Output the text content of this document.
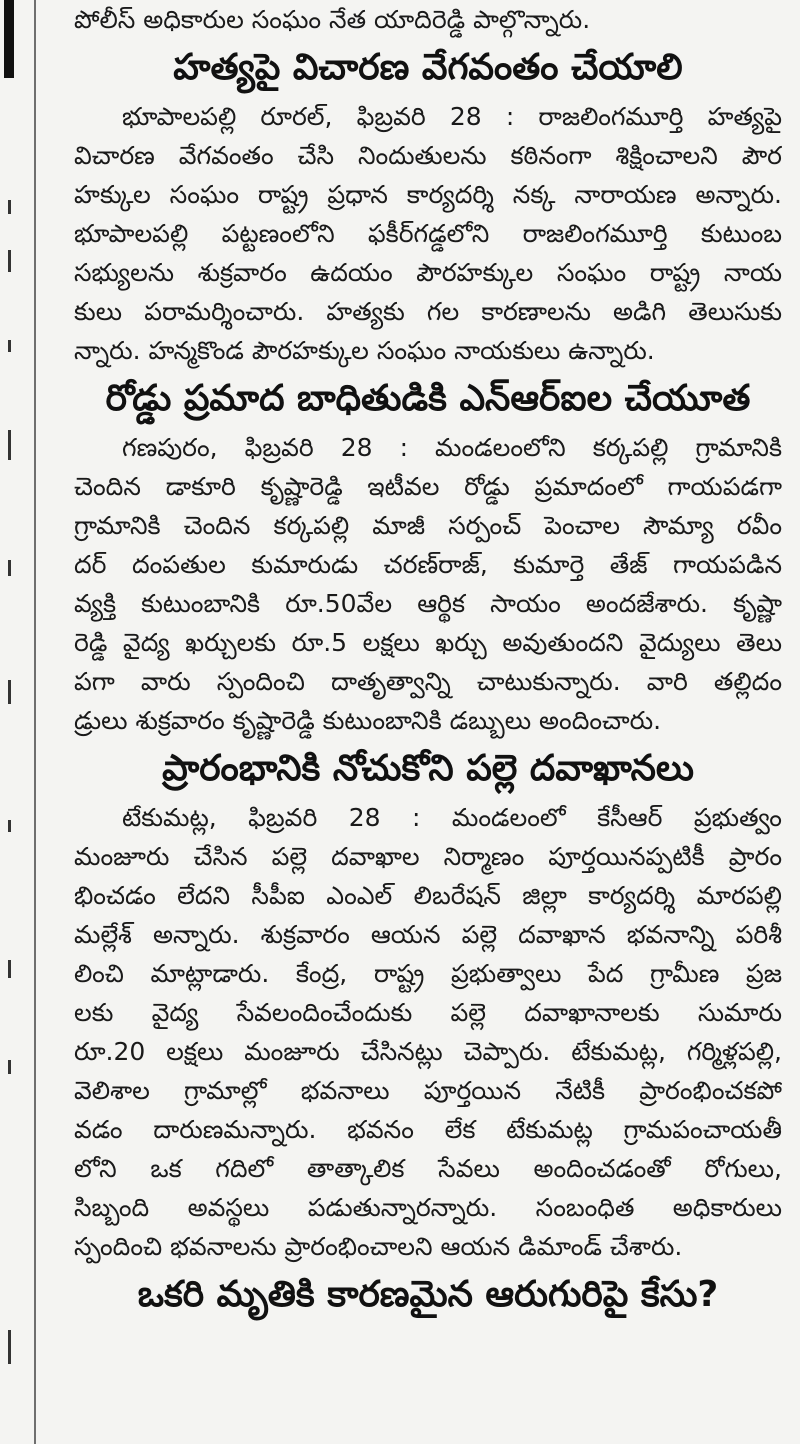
పోలీస్ అధికారుల సంఘం నేత యాదిరెడ్డి పాల్గొన్నారు.
హత్యపై విచారణ వేగవంతం చేయాలి
భూపాలపల్లి రూరల్, ఫిబ్రవరి 28 : రాజలింగమూర్తి హత్యపై
విచారణ వేగవంతం చేసి నిందుతులను కఠినంగా శిక్షించాలని పౌర
హక్కుల సంఘం రాష్ట్ర ప్రధాన కార్యదర్శి నక్క నారాయణ అన్నారు.
భూపాలపల్లి పట్టణంలోని ఫకీర్‌గడ్డలోని రాజలింగమూర్తి కుటుంబ
సభ్యులను శుక్రవారం ఉదయం పౌరహక్కుల సంఘం రాష్ట్ర నాయ
కులు పరామర్శించారు. హత్యకు గల కారణాలను అడిగి తెలుసుకు
న్నారు. హన్మకొండ పౌరహక్కుల సంఘం నాయకులు ఉన్నారు.
రోడ్డు ప్రమాద బాధితుడికి ఎన్ఆర్ఐల చేయూత
గణపురం, ఫిబ్రవరి 28 : మండలంలోని కర్కపల్లి గ్రామానికి
చెందిన డాకూరి కృష్ణారెడ్డి ఇటీవల రోడ్డు ప్రమాదంలో గాయపడగా
గ్రామానికి చెందిన కర్కపల్లి మాజీ సర్పంచ్ పెంచాల సౌమ్యా రవీం
దర్ దంపతుల కుమారుడు చరణ్‌రాజ్, కుమార్తె తేజ్ గాయపడిన
వ్యక్తి కుటుంబానికి రూ.50వేల ఆర్థిక సాయం అందజేశారు. కృష్ణా
రెడ్డి వైద్య ఖర్చులకు రూ.5 లక్షలు ఖర్చు అవుతుందని వైద్యులు తెలు
పగా వారు స్పందించి దాతృత్వాన్ని చాటుకున్నారు. వారి తల్లిదం
డ్రులు శుక్రవారం కృష్ణారెడ్డి కుటుంబానికి డబ్బులు అందించారు.
ప్రారంభానికి నోచుకోని పల్లె దవాఖానలు
టేకుమట్ల, ఫిబ్రవరి 28 : మండలంలో కేసీఆర్ ప్రభుత్వం
మంజూరు చేసిన పల్లె దవాఖాల నిర్మాణం పూర్తయినప్పటికీ ప్రారం
భించడం లేదని సీపీఐ ఎంఎల్ లిబరేషన్ జిల్లా కార్యదర్శి మారపల్లి
మల్లేశ్ అన్నారు. శుక్రవారం ఆయన పల్లె దవాఖాన భవనాన్ని పరిశీ
లించి మాట్లాడారు. కేంద్ర, రాష్ట్ర ప్రభుత్వాలు పేద గ్రామీణ ప్రజ
లకు వైద్య సేవలందించేందుకు పల్లె దవాఖానాలకు సుమారు
రూ.20 లక్షలు మంజూరు చేసినట్లు చెప్పారు. టేకుమట్ల, గర్మిళ్లపల్లి,
వెలిశాల గ్రామాల్లో భవనాలు పూర్తయిన నేటికీ ప్రారంభించకపో
వడం దారుణమన్నారు. భవనం లేక టేకుమట్ల గ్రామపంచాయతీ
లోని ఒక గదిలో తాత్కాలిక సేవలు అందించడంతో రోగులు,
సిబ్బంది అవస్థలు పడుతున్నారన్నారు. సంబంధిత అధికారులు
స్పందించి భవనాలను ప్రారంభించాలని ఆయన డిమాండ్ చేశారు.
ఒకరి మృతికి కారణమైన ఆరుగురిపై కేసు?
